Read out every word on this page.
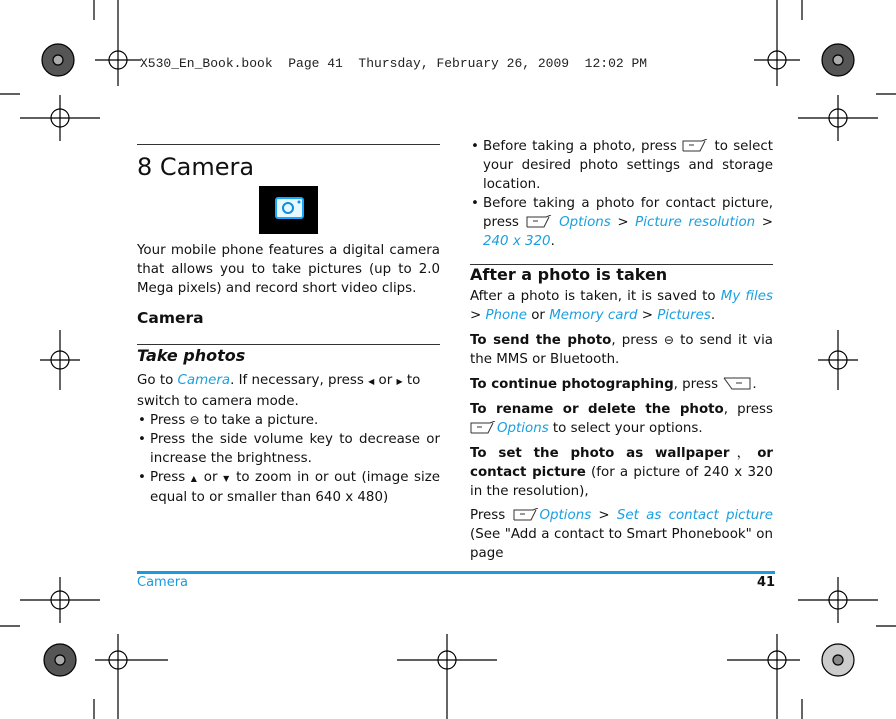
X530_En_Book.book  Page 41  Thursday, February 26, 2009  12:02 PM
8 Camera
Your mobile phone features a digital camera that allows you to take pictures (up to 2.0 Mega pixels) and record short video clips.
Camera
Take photos
Go to Camera. If necessary, press ◀ or ▶ to switch to camera mode.
• Press ⊖ to take a picture.
• Press the side volume key to decrease or increase the brightness.
• Press ▲ or ▼ to zoom in or out (image size equal to or smaller than 640 x 480)
• Before taking a photo, press  to select your desired photo settings and storage location.
• Before taking a photo for contact picture, press	Options > Picture resolution > 240 x 320.
After a photo is taken
After a photo is taken, it is saved to My files > Phone or Memory card > Pictures.
To send the photo, press ⊖ to send it via the MMS or Bluetooth.
To continue photographing, press .
To rename or delete the photo, press Options to select your options.
To set the photo as wallpaper，or contact picture (for a picture of 240 x 320 in the resolution),
Press Options > Set as contact picture (See "Add a contact to Smart Phonebook" on page
Camera	41
